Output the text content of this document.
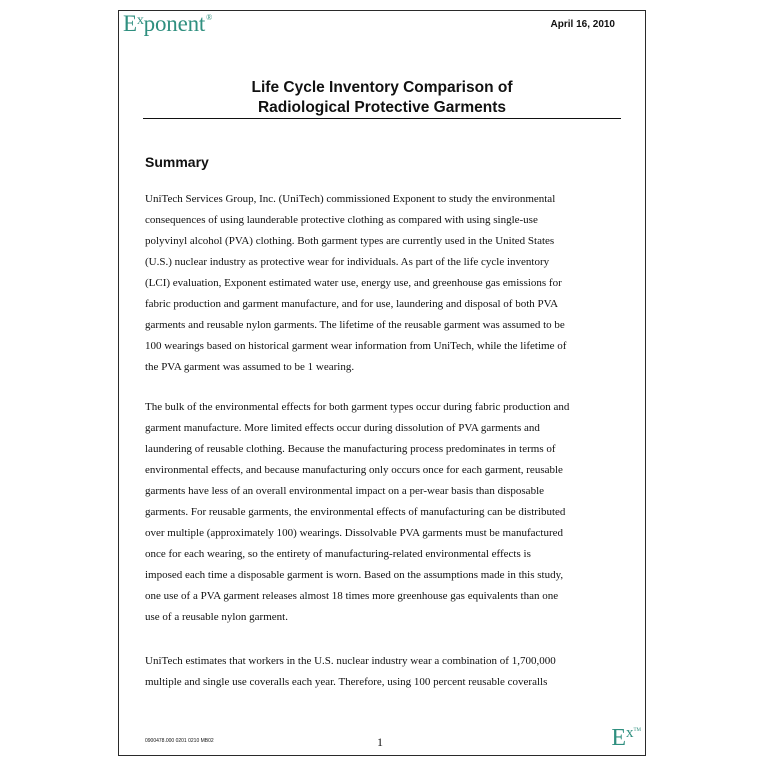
$E^xponent®$
April 16, 2010
Life Cycle Inventory Comparison of
Radiological Protective Garments
Summary

UniTech Services Group, Inc. (UniTech) commissioned Exponent to study the environmental
consequences of using launderable protective clothing as compared with using single-use
polyvinyl alcohol (PVA) clothing. Both garment types are currently used in the United States
(U.S.) nuclear industry as protective wear for individuals. As part of the life cycle inventory
(LCI) evaluation, Exponent estimated water use, energy use, and greenhouse gas emissions for
fabric production and garment manufacture, and for use, laundering and disposal of both PVA
garments and reusable nylon garments. The lifetime of the reusable garment was assumed to be
100 wearings based on historical garment wear information from UniTech, while the lifetime of
the PVA garment was assumed to be 1 wearing.

The bulk of the environmental effects for both garment types occur during fabric production and
garment manufacture. More limited effects occur during dissolution of PVA garments and
laundering of reusable clothing. Because the manufacturing process predominates in terms of
environmental effects, and because manufacturing only occurs once for each garment, reusable
garments have less of an overall environmental impact on a per-wear basis than disposable
garments. For reusable garments, the environmental effects of manufacturing can be distributed
over multiple (approximately 100) wearings. Dissolvable PVA garments must be manufactured
once for each wearing, so the entirety of manufacturing-related environmental effects is
imposed each time a disposable garment is worn. Based on the assumptions made in this study,
one use of a PVA garment releases almost 18 times more greenhouse gas equivalents than one
use of a reusable nylon garment.

UniTech estimates that workers in the U.S. nuclear industry wear a combination of 1,700,000
multiple and single use coveralls each year. Therefore, using 100 percent reusable coveralls

0900478.000 0201 0210 MB02	1	$E^{xTM}$
